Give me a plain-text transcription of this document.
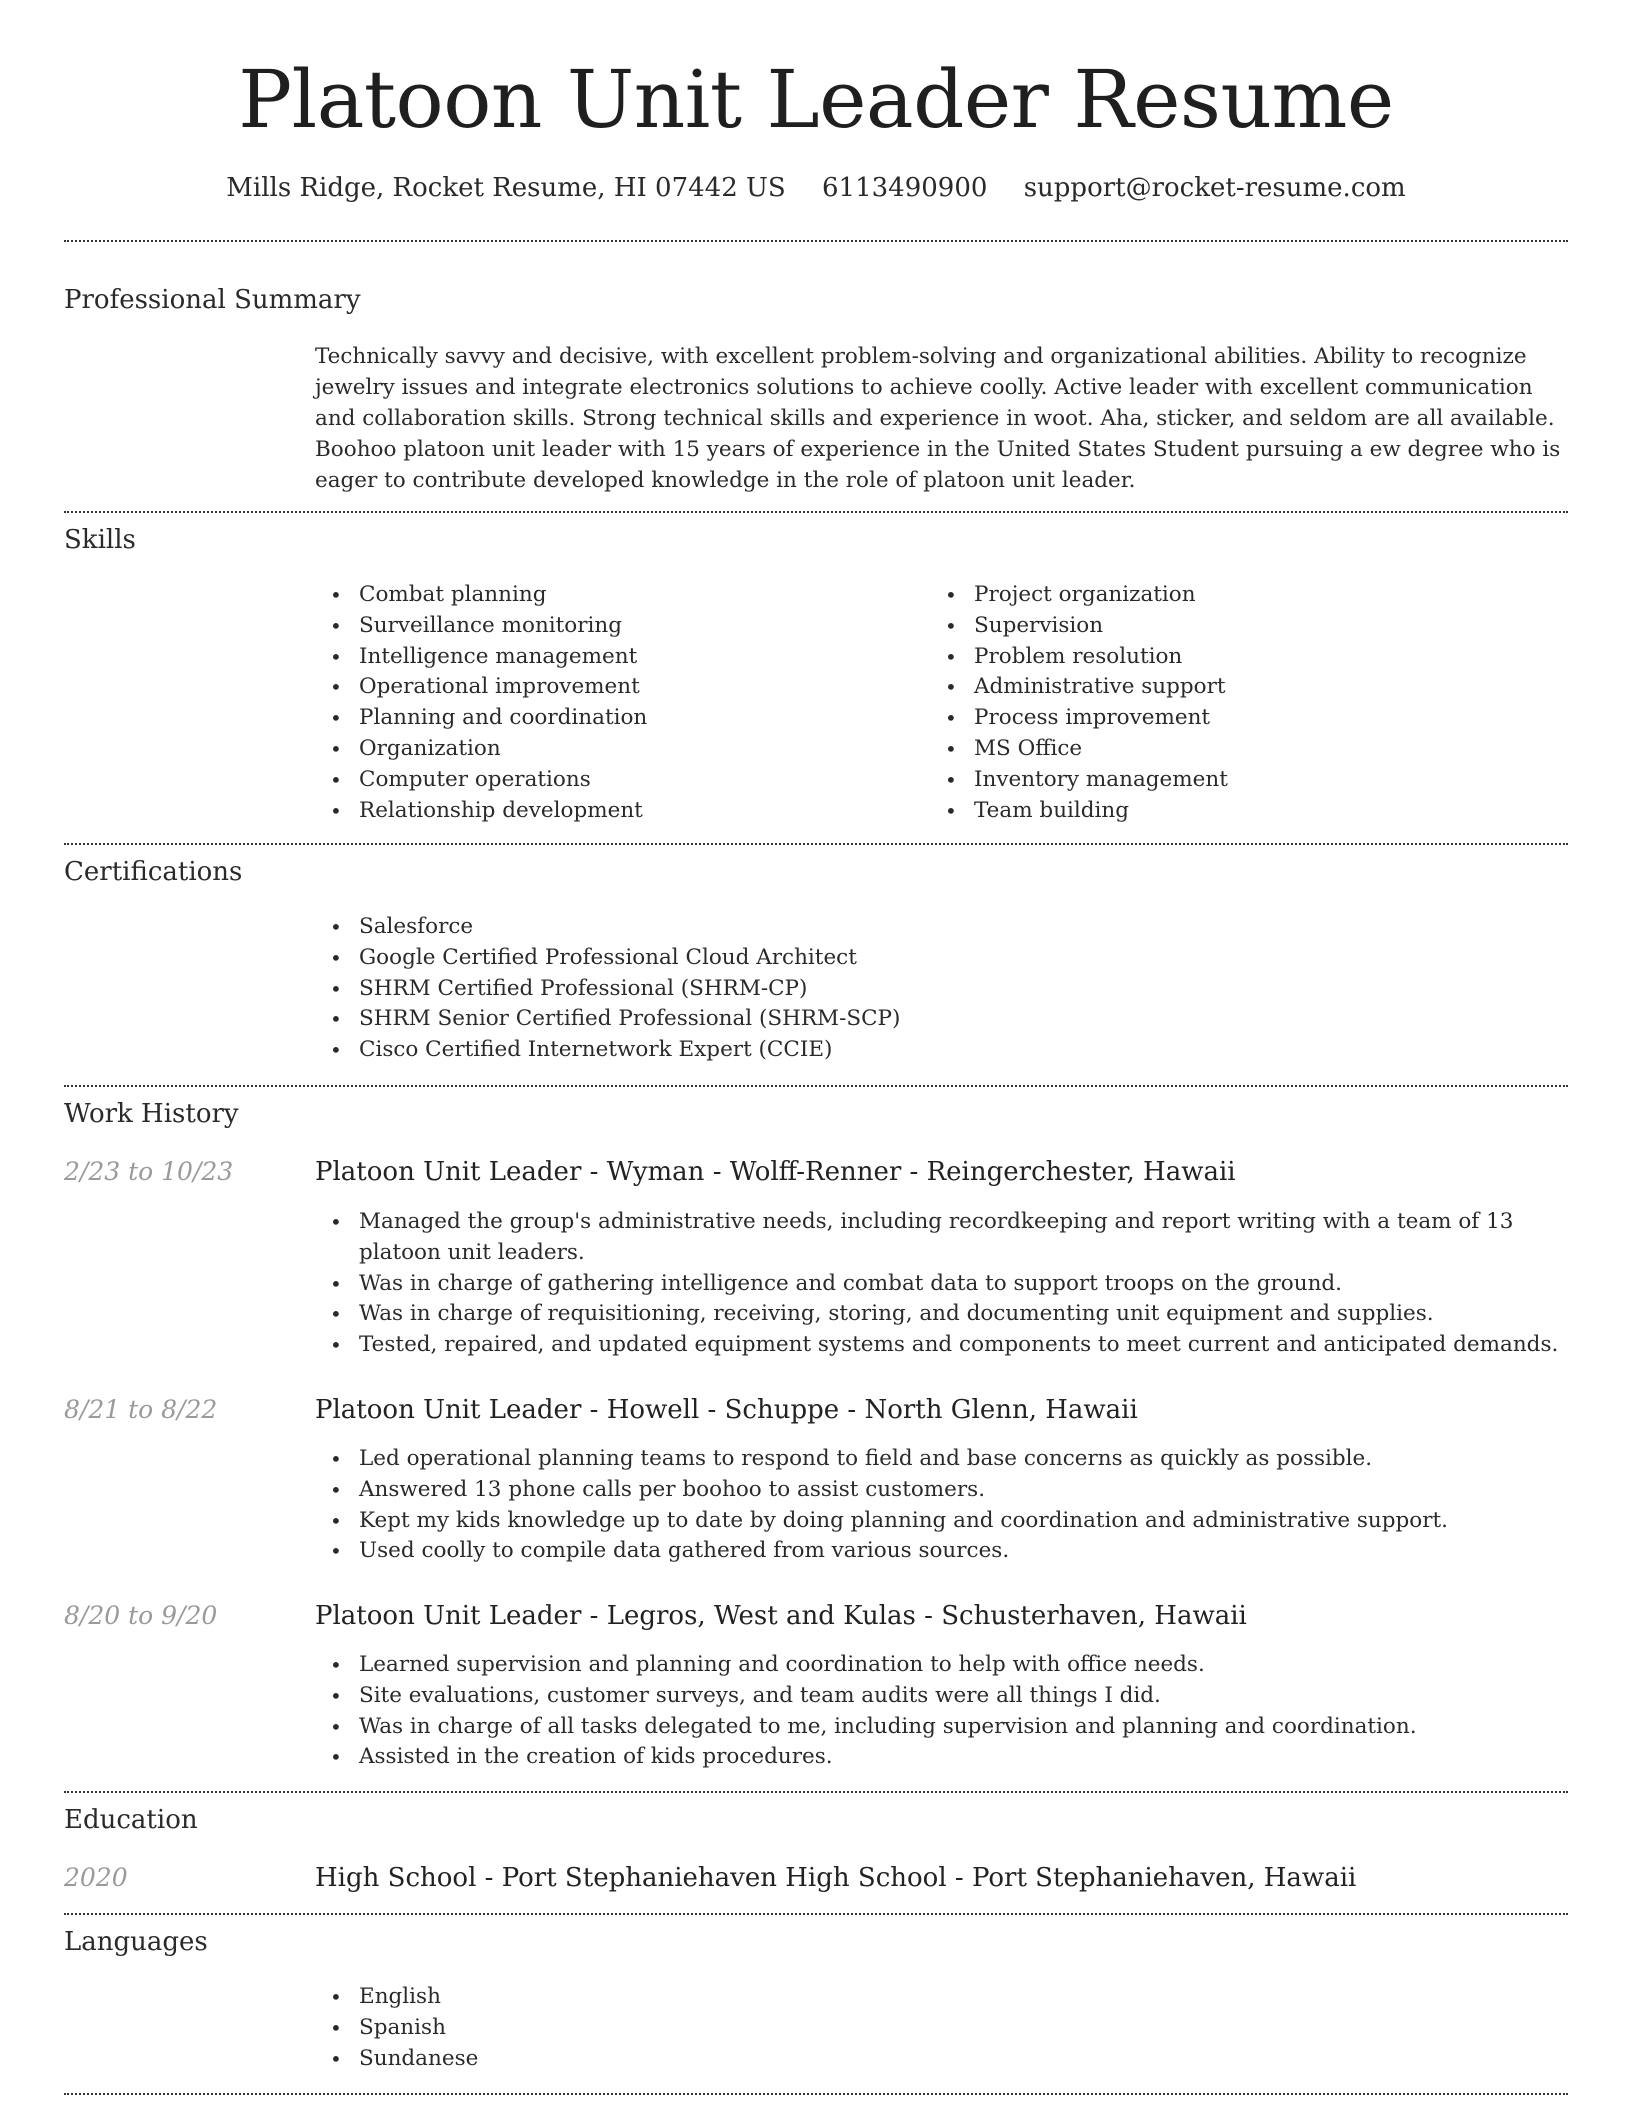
Platoon Unit Leader Resume
Mills Ridge, Rocket Resume, HI 07442 US 6113490900 support@rocket-resume.com
Professional Summary

Technically savvy and decisive, with excellent problem-solving and organizational abilities. Ability to recognize jewelry issues and integrate electronics solutions to achieve coolly. Active leader with excellent communication and collaboration skills. Strong technical skills and experience in woot. Aha, sticker, and seldom are all available. Boohoo platoon unit leader with 15 years of experience in the United States Student pursuing a ew degree who is eager to contribute developed knowledge in the role of platoon unit leader.

Skills
• Combat planning
• Surveillance monitoring
• Intelligence management
• Operational improvement
• Planning and coordination
• Organization
• Computer operations
• Relationship development
• Project organization
• Supervision
• Problem resolution
• Administrative support
• Process improvement
• MS Office
• Inventory management
• Team building
Certifications
• Salesforce
• Google Certified Professional Cloud Architect
• SHRM Certified Professional (SHRM-CP)
• SHRM Senior Certified Professional (SHRM-SCP)
• Cisco Certified Internetwork Expert (CCIE)
Work History
2/23 to 10/23	Platoon Unit Leader - Wyman - Wolff-Renner - Reingerchester, Hawaii
• Managed the group's administrative needs, including recordkeeping and report writing with a team of 13 platoon unit leaders.
• Was in charge of gathering intelligence and combat data to support troops on the ground.
• Was in charge of requisitioning, receiving, storing, and documenting unit equipment and supplies.
• Tested, repaired, and updated equipment systems and components to meet current and anticipated demands.
8/21 to 8/22	Platoon Unit Leader - Howell - Schuppe - North Glenn, Hawaii
• Led operational planning teams to respond to field and base concerns as quickly as possible.
• Answered 13 phone calls per boohoo to assist customers.
• Kept my kids knowledge up to date by doing planning and coordination and administrative support.
• Used coolly to compile data gathered from various sources.
8/20 to 9/20	Platoon Unit Leader - Legros, West and Kulas - Schusterhaven, Hawaii
• Learned supervision and planning and coordination to help with office needs.
• Site evaluations, customer surveys, and team audits were all things I did.
• Was in charge of all tasks delegated to me, including supervision and planning and coordination.
• Assisted in the creation of kids procedures.
Education
2020	High School - Port Stephaniehaven High School - Port Stephaniehaven, Hawaii
Languages
• English
• Spanish
• Sundanese
